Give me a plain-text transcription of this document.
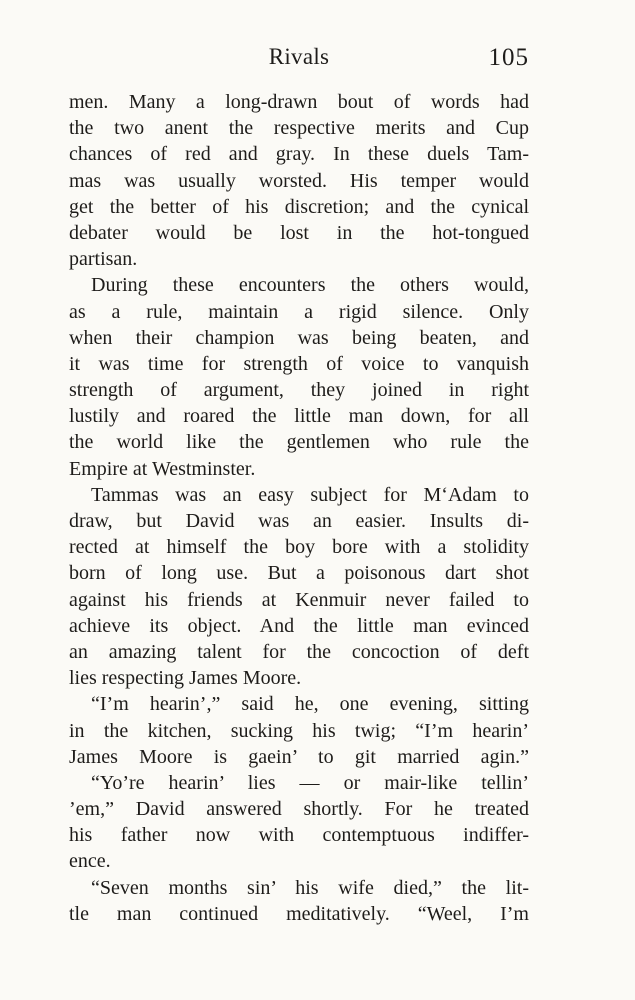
Rivals	105
men. Many a long-drawn bout of words had
the two anent the respective merits and Cup
chances of red and gray. In these duels Tam-
mas was usually worsted. His temper would
get the better of his discretion; and the cynical
debater would be lost in the hot-tongued
partisan.
During these encounters the others would,
as a rule, maintain a rigid silence. Only
when their champion was being beaten, and
it was time for strength of voice to vanquish
strength of argument, they joined in right
lustily and roared the little man down, for all
the world like the gentlemen who rule the
Empire at Westminster.
Tammas was an easy subject for M‘Adam to
draw, but David was an easier. Insults di-
rected at himself the boy bore with a stolidity
born of long use. But a poisonous dart shot
against his friends at Kenmuir never failed to
achieve its object. And the little man evinced
an amazing talent for the concoction of deft
lies respecting James Moore.
“I’m hearin’,” said he, one evening, sitting
in the kitchen, sucking his twig; “I’m hearin’
James Moore is gaein’ to git married agin.”
“Yo’re hearin’ lies — or mair-like tellin’
’em,” David answered shortly. For he treated
his father now with contemptuous indiffer-
ence.
“Seven months sin’ his wife died,” the lit-
tle man continued meditatively. “Weel, I’m
